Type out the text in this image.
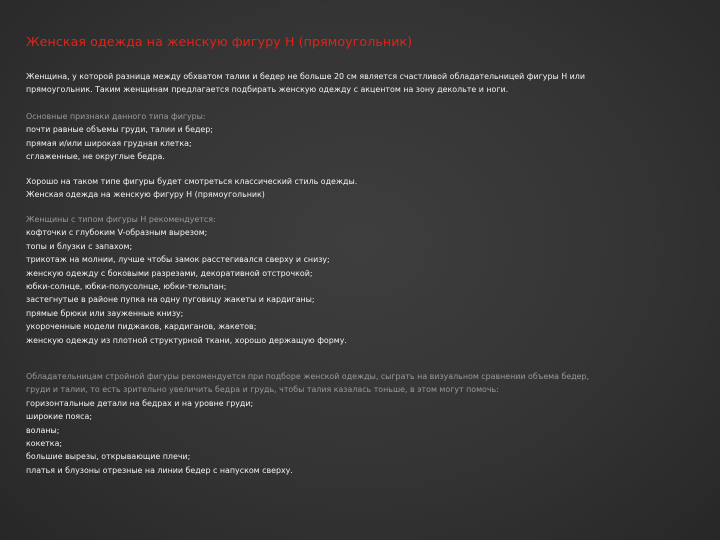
Женская одежда на женскую фигуру H (прямоугольник)
Женщина, у которой разница между обхватом талии и бедер не больше 20 см является счастливой обладательницей фигуры H или
прямоугольник. Таким женщинам предлагается подбирать женскую одежду с акцентом на зону декольте и ноги.
Основные признаки данного типа фигуры:
почти равные объемы груди, талии и бедер;
прямая и/или широкая грудная клетка;
сглаженные, не округлые бедра.
Хорошо на таком типе фигуры будет смотреться классический стиль одежды.
Женская одежда на женскую фигуру H (прямоугольник)
Женщины с типом фигуры H рекомендуется:
кофточки с глубоким V-образным вырезом;
топы и блузки с запахом;
трикотаж на молнии, лучше чтобы замок расстегивался сверху и снизу;
женскую одежду с боковыми разрезами, декоративной отстрочкой;
юбки-солнце, юбки-полусолнце, юбки-тюльпан;
застегнутые в районе пупка на одну пуговицу жакеты и кардиганы;
прямые брюки или зауженные книзу;
укороченные модели пиджаков, кардиганов, жакетов;
женскую одежду из плотной структурной ткани, хорошо держащую форму.
Обладательницам стройной фигуры рекомендуется при подборе женской одежды, сыграть на визуальном сравнении объема бедер,
груди и талии, то есть зрительно увеличить бедра и грудь, чтобы талия казалась тоньше, в этом могут помочь:
горизонтальные детали на бедрах и на уровне груди;
широкие пояса;
воланы;
кокетка;
большие вырезы, открывающие плечи;
платья и блузоны отрезные на линии бедер с напуском сверху.
